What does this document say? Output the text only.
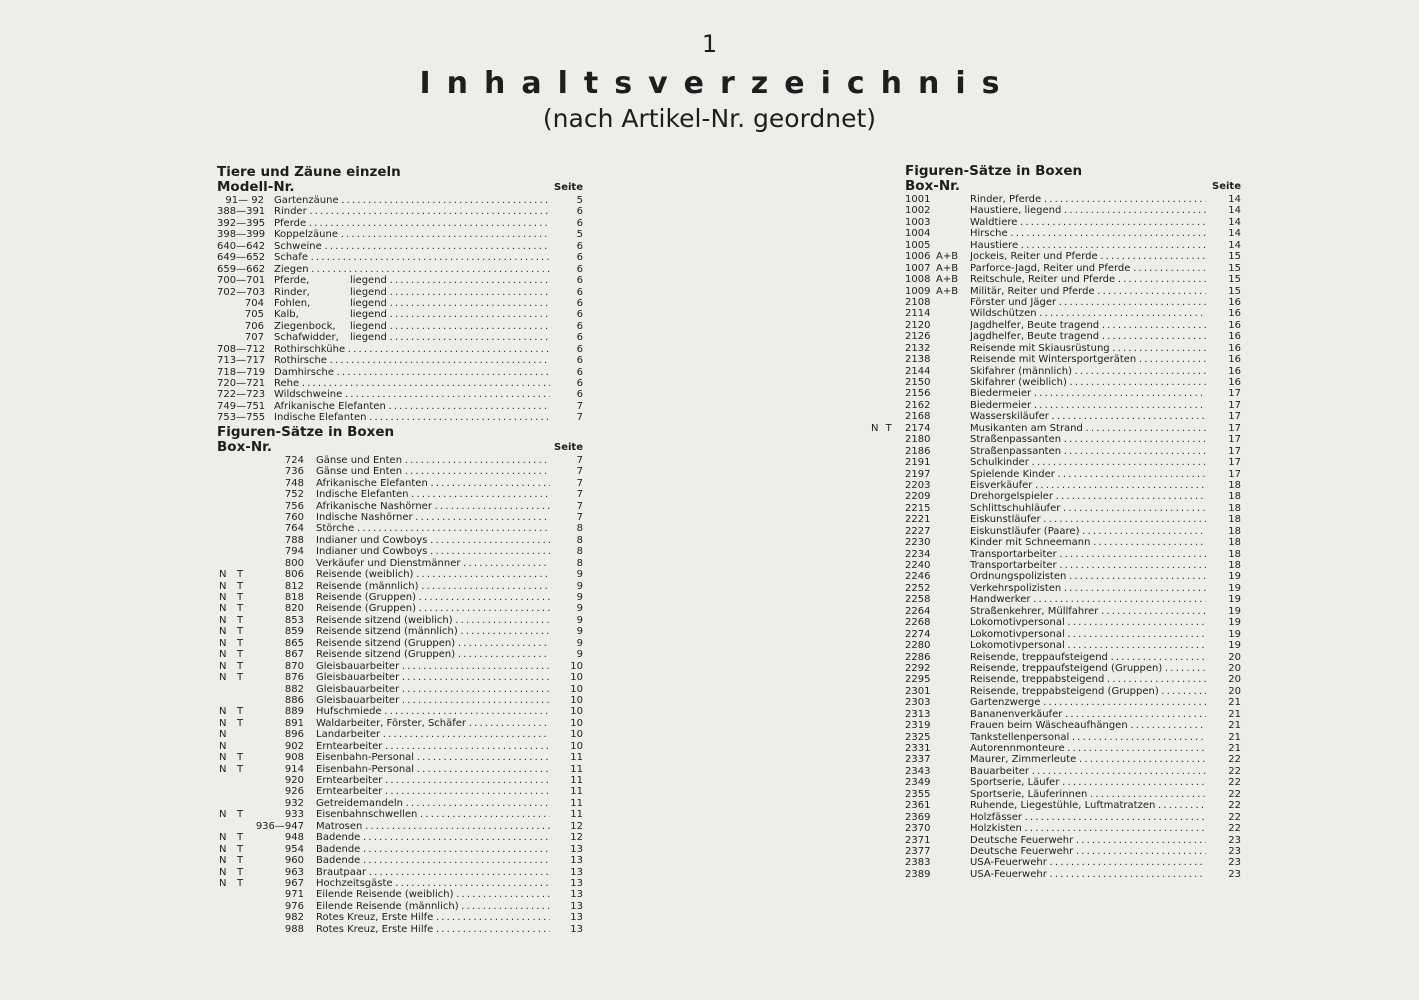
1
Inhaltsverzeichnis
(nach Artikel-Nr. geordnet)
Tiere und Zäune einzeln
Modell-Nr.	Seite
91— 92 Gartenzäune . . .	5
388—391 Rinder . . .	6
392—395 Pferde . . .	6
398—399 Koppelzäune . . .	5
640—642 Schweine . . .	6
649—652 Schafe . . .	6
659—662 Ziegen . . .	6
700—701 Pferde,	liegend . . .	6
702—703 Rinder,	liegend . . .	6
704 Fohlen,	liegend . . .	6
705 Kalb,	liegend . . .	6
706 Ziegenbock, liegend . . .	6
707 Schafwidder, liegend . . .	6
708—712 Rothirschkühe . . .	6
713—717 Rothirsche . . .	6
718—719 Damhirsche . . .	6
720—721 Rehe . . .	6
722—723 Wildschweine . . .	6
749—751 Afrikanische Elefanten . . .	7
753—755 Indische Elefanten . . .	7
Figuren-Sätze in Boxen
Box-Nr.	Seite
724 Gänse und Enten . . .	7
736 Gänse und Enten . . .	7
748 Afrikanische Elefanten . . .	7
752 Indische Elefanten . . .	7
756 Afrikanische Nashörner . . .	7
760 Indische Nashörner . . .	7
764 Störche . . .	8
788 Indianer und Cowboys . . .	8
794 Indianer und Cowboys . . .	8
800 Verkäufer und Dienstmänner . . .	8
N	T	806 Reisende (weiblich) . . .	9
N	T	812 Reisende (männlich) . . .	9
N	T	818 Reisende (Gruppen) . . .	9
N	T	820 Reisende (Gruppen) . . .	9
N	T	853 Reisende sitzend (weiblich) . . .	9
N	T	859 Reisende sitzend (männlich) . . .	9
N	T	865 Reisende sitzend (Gruppen) . . .	9
N	T	867 Reisende sitzend (Gruppen) . . .	9
N	T	870 Gleisbauarbeiter . . .	10
N	T	876 Gleisbauarbeiter . . .	10
882 Gleisbauarbeiter . . .	10
886 Gleisbauarbeiter . . .	10
N	T	889 Hufschmiede . . .	10
N	T	891 Waldarbeiter, Förster, Schäfer . . .	10
N	896 Landarbeiter . . .	10
N	902 Erntearbeiter . . .	10
N	T	908 Eisenbahn-Personal . . .	11
N	T	914 Eisenbahn-Personal . . .	11
920 Erntearbeiter . . .	11
926 Erntearbeiter . . .	11
932 Getreidemandeln . . .	11
N	T	933 Eisenbahnschwellen . . .	11
936—947 Matrosen . . .	12
N	T	948 Badende . . .	12
N	T	954 Badende . . .	13
N	T	960 Badende . . .	13
N	T	963 Brautpaar . . .	13
N	T	967 Hochzeitsgäste . . .	13
971 Eilende Reisende (weiblich) . . .	13
976 Eilende Reisende (männlich) . . .	13
982 Rotes Kreuz, Erste Hilfe . . .	13
988 Rotes Kreuz, Erste Hilfe . . .	13
Figuren-Sätze in Boxen
Box-Nr.	Seite
1001	Rinder, Pferde . . .	14
1002	Haustiere, liegend . . .	14
1003	Waldtiere . . .	14
1004	Hirsche . . .	14
1005	Haustiere . . .	14
1006 A+B	Jockeis, Reiter und Pferde . . .	15
1007 A+B	Parforce-Jagd, Reiter und Pferde . . .	15
1008 A+B	Reitschule, Reiter und Pferde . . .	15
1009 A+B	Militär, Reiter und Pferde . . .	15
2108	Förster und Jäger . . .	16
2114	Wildschützen . . .	16
2120	Jagdhelfer, Beute tragend . . .	16
2126	Jagdhelfer, Beute tragend . . .	16
2132	Reisende mit Skiausrüstung . . .	16
2138	Reisende mit Wintersportgeräten . . .	16
2144	Skifahrer (männlich) . . .	16
2150	Skifahrer (weiblich) . . .	16
2156	Biedermeier . . .	17
2162	Biedermeier . . .	17
2168	Wasserskiläufer . . .	17
N T	2174	Musikanten am Strand . . .	17
2180	Straßenpassanten . . .	17
2186	Straßenpassanten . . .	17
2191	Schulkinder . . .	17
2197	Spielende Kinder . . .	17
2203	Eisverkäufer . . .	18
2209	Drehorgelspieler . . .	18
2215	Schlittschuhläufer . . .	18
2221	Eiskunstläufer . . .	18
2227	Eiskunstläufer (Paare) . . .	18
2230	Kinder mit Schneemann . . .	18
2234	Transportarbeiter . . .	18
2240	Transportarbeiter . . .	18
2246	Ordnungspolizisten . . .	19
2252	Verkehrspolizisten . . .	19
2258	Handwerker . . .	19
2264	Straßenkehrer, Müllfahrer . . .	19
2268	Lokomotivpersonal . . .	19
2274	Lokomotivpersonal . . .	19
2280	Lokomotivpersonal . . .	19
2286	Reisende, treppaufsteigend . . .	20
2292	Reisende, treppaufsteigend (Gruppen) . . .	20
2295	Reisende, treppabsteigend . . .	20
2301	Reisende, treppabsteigend (Gruppen) . . .	20
2303	Gartenzwerge . . .	21
2313	Bananenverkäufer . . .	21
2319	Frauen beim Wäscheaufhängen . . .	21
2325	Tankstellenpersonal . . .	21
2331	Autorennmonteure . . .	21
2337	Maurer, Zimmerleute . . .	22
2343	Bauarbeiter . . .	22
2349	Sportserie, Läufer . . .	22
2355	Sportserie, Läuferinnen . . .	22
2361	Ruhende, Liegestühle, Luftmatratzen . . .	22
2369	Holzfässer . . .	22
2370	Holzkisten . . .	22
2371	Deutsche Feuerwehr . . .	23
2377	Deutsche Feuerwehr . . .	23
2383	USA-Feuerwehr . . .	23
2389	USA-Feuerwehr . . .	23
